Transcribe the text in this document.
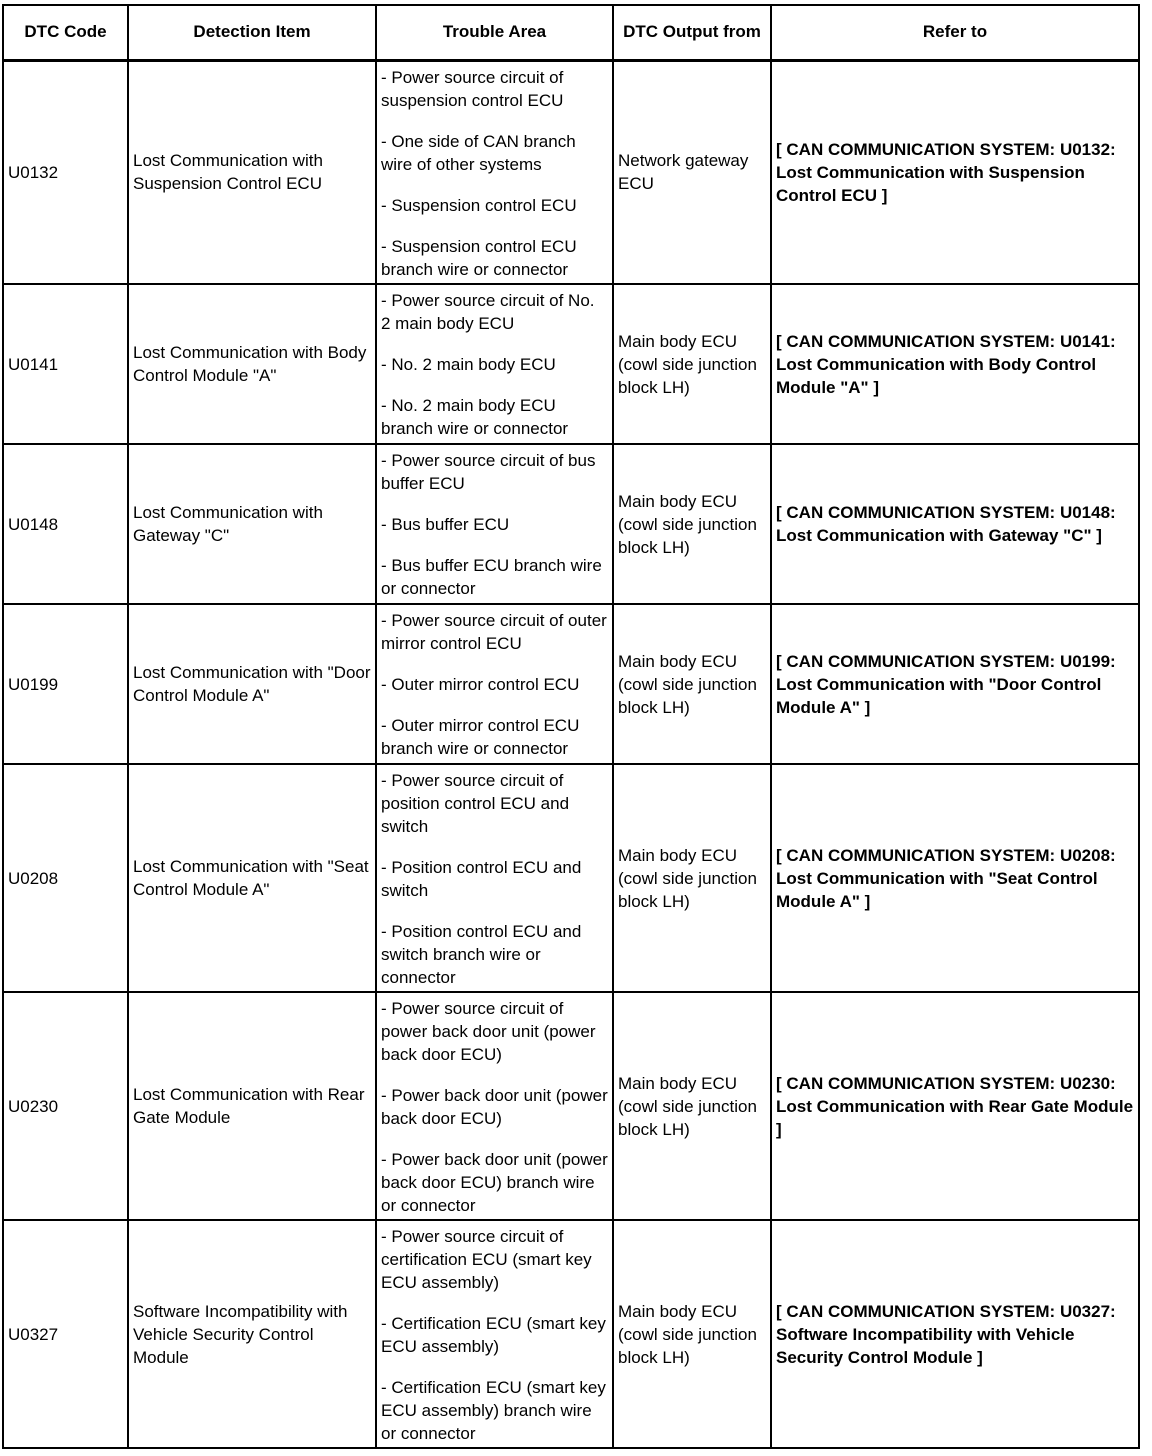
DTC Code	Detection Item	Trouble Area	DTC Output from	Refer to
U0132	Lost Communication with Suspension Control ECU	- Power source circuit of suspension control ECU
- One side of CAN branch wire of other systems
- Suspension control ECU
- Suspension control ECU branch wire or connector	Network gateway ECU	[ CAN COMMUNICATION SYSTEM: U0132: Lost Communication with Suspension Control ECU ]
U0141	Lost Communication with Body Control Module "A"	- Power source circuit of No. 2 main body ECU
- No. 2 main body ECU
- No. 2 main body ECU branch wire or connector	Main body ECU (cowl side junction block LH)	[ CAN COMMUNICATION SYSTEM: U0141: Lost Communication with Body Control Module "A" ]
U0148	Lost Communication with Gateway "C"	- Power source circuit of bus buffer ECU
- Bus buffer ECU
- Bus buffer ECU branch wire or connector	Main body ECU (cowl side junction block LH)	[ CAN COMMUNICATION SYSTEM: U0148: Lost Communication with Gateway "C" ]
U0199	Lost Communication with "Door Control Module A"	- Power source circuit of outer mirror control ECU
- Outer mirror control ECU
- Outer mirror control ECU branch wire or connector	Main body ECU (cowl side junction block LH)	[ CAN COMMUNICATION SYSTEM: U0199: Lost Communication with "Door Control Module A" ]
U0208	Lost Communication with "Seat Control Module A"	- Power source circuit of position control ECU and switch
- Position control ECU and switch
- Position control ECU and switch branch wire or connector	Main body ECU (cowl side junction block LH)	[ CAN COMMUNICATION SYSTEM: U0208: Lost Communication with "Seat Control Module A" ]
U0230	Lost Communication with Rear Gate Module	- Power source circuit of power back door unit (power back door ECU)
- Power back door unit (power back door ECU)
- Power back door unit (power back door ECU) branch wire or connector	Main body ECU (cowl side junction block LH)	[ CAN COMMUNICATION SYSTEM: U0230: Lost Communication with Rear Gate Module ]
U0327	Software Incompatibility with Vehicle Security Control Module	- Power source circuit of certification ECU (smart key ECU assembly)
- Certification ECU (smart key ECU assembly)
- Certification ECU (smart key ECU assembly) branch wire or connector	Main body ECU (cowl side junction block LH)	[ CAN COMMUNICATION SYSTEM: U0327: Software Incompatibility with Vehicle Security Control Module ]
